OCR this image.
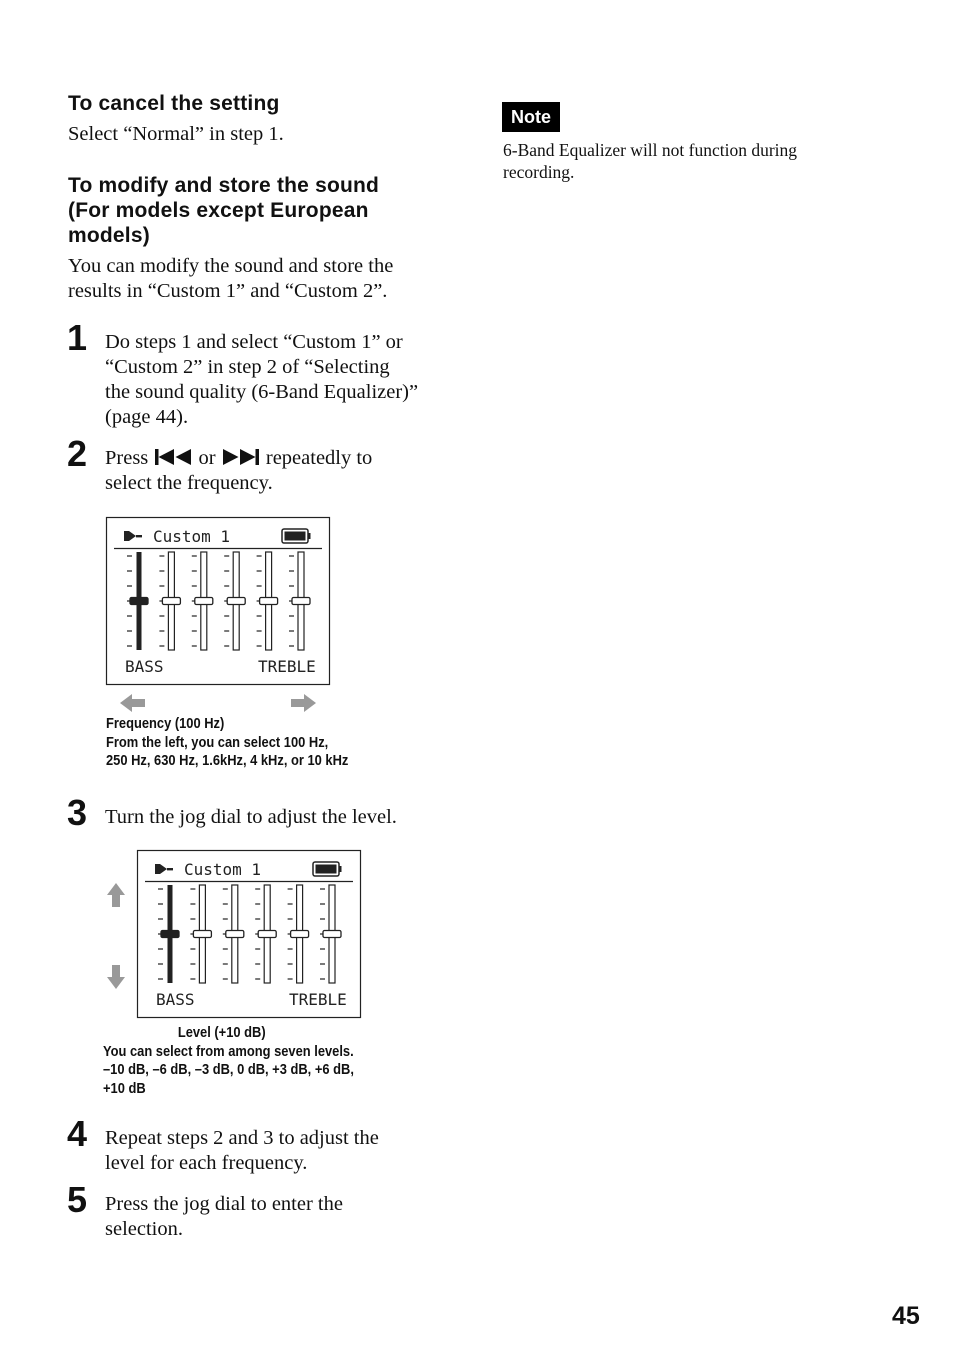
To cancel the setting
Select “Normal” in step 1.
To modify and store the sound
(For models except European
models)
You can modify the sound and store the
results in “Custom 1” and “Custom 2”.
1 Do steps 1 and select “Custom 1” or
“Custom 2” in step 2 of “Selecting
the sound quality (6-Band Equalizer)”
(page 44).
2 Press or repeatedly to
select the frequency.
Custom 1
BASS	TREBLE
Frequency (100 Hz)
From the left, you can select 100 Hz,
250 Hz, 630 Hz, 1.6kHz, 4 kHz, or 10 kHz
3 Turn the jog dial to adjust the level.
Custom 1
BASS	TREBLE
Level (+10 dB)
You can select from among seven levels.
–10 dB, –6 dB, –3 dB, 0 dB, +3 dB, +6 dB,
+10 dB
4 Repeat steps 2 and 3 to adjust the
level for each frequency.
5 Press the jog dial to enter the
selection.
Note
6-Band Equalizer will not function during
recording.
45
